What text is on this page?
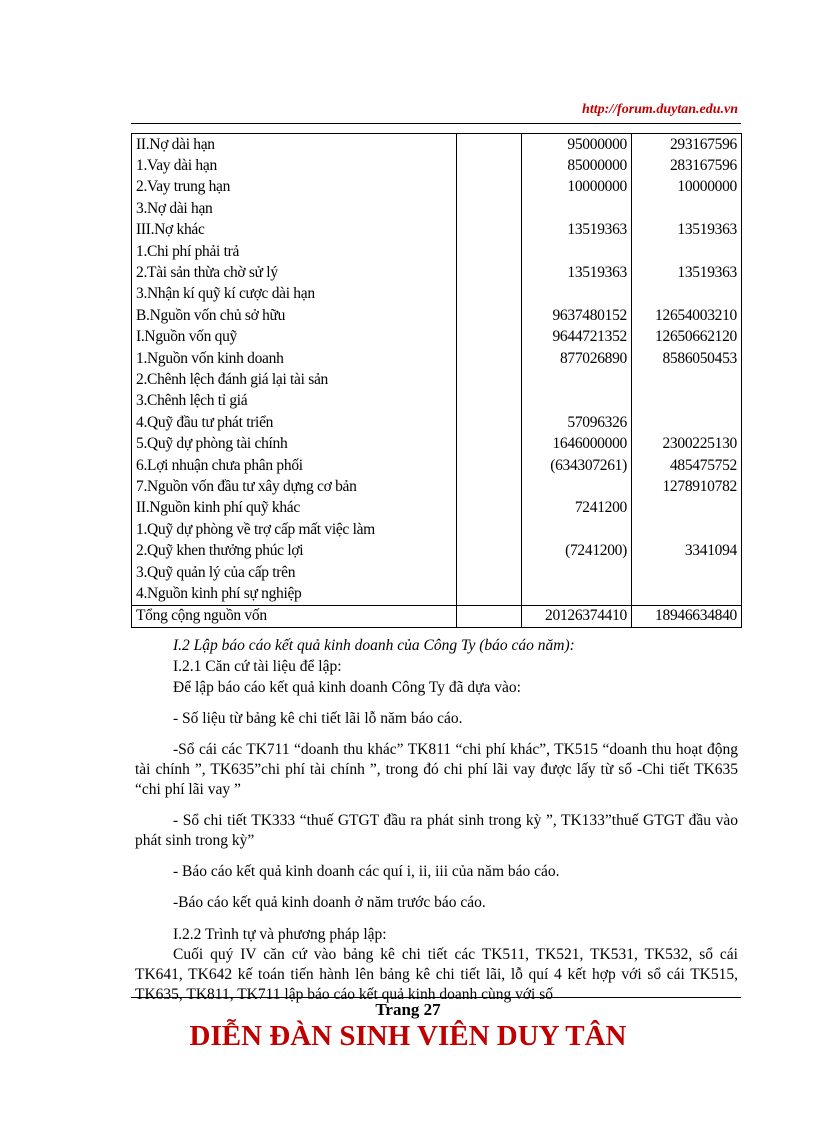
http://forum.duytan.edu.vn
II.Nợ dài hạn		95000000	293167596
1.Vay dài hạn		85000000	283167596
2.Vay trung hạn		10000000	10000000
3.Nợ dài hạn			
III.Nợ khác		13519363	13519363
1.Chi phí phải trả			
2.Tài sản thừa chờ sử lý		13519363	13519363
3.Nhận kí quỹ kí cược dài hạn			
B.Nguồn vốn chủ sở hữu		9637480152	12654003210
I.Nguồn vốn quỹ		9644721352	12650662120
1.Nguồn vốn kinh doanh		877026890	8586050453
2.Chênh lệch đánh giá lại tài sản			
3.Chênh lệch tỉ giá			
4.Quỹ đầu tư phát triển		57096326	
5.Quỹ dự phòng tài chính		1646000000	2300225130
6.Lợi nhuận chưa phân phối		(634307261)	485475752
7.Nguồn vốn đầu tư xây dựng cơ bản			1278910782
II.Nguồn kinh phí quỹ khác		7241200	
1.Quỹ dự phòng về trợ cấp mất việc làm			
2.Quỹ khen thưởng phúc lợi		(7241200)	3341094
3.Quỹ quản lý của cấp trên			
4.Nguồn kinh phí sự nghiệp			
Tổng cộng nguồn vốn		20126374410	18946634840

I.2 Lập báo cáo kết quả kinh doanh của Công Ty (báo cáo năm):

I.2.1 Căn cứ tài liệu để lập:

Để lập báo cáo kết quả kinh doanh Công Ty đã dựa vào:

- Số liệu từ bảng kê chi tiết lãi lỗ năm báo cáo.

-Sổ cái các TK711 “doanh thu khác” TK811 “chi phí khác”, TK515 “doanh thu hoạt động tài chính ”, TK635”chi phí tài chính ”, trong đó chi phí lãi vay được lấy từ sổ -Chi tiết TK635 “chi phí lãi vay ”

- Sổ chi tiết TK333 “thuế GTGT đầu ra phát sinh trong kỳ ”, TK133”thuế GTGT đầu vào phát sinh trong kỳ”

- Báo cáo kết quả kinh doanh các quí i, ii, iii của năm báo cáo.

-Báo cáo kết quả kinh doanh ở năm trước báo cáo.

I.2.2 Trình tự và phương pháp lập:

Cuối quý IV căn cứ vào bảng kê chi tiết các TK511, TK521, TK531, TK532, sổ cái TK641, TK642 kế toán tiến hành lên bảng kê chi tiết lãi, lỗ quí 4 kết hợp với sổ cái TK515, TK635, TK811, TK711 lập báo cáo kết quả kinh doanh cùng với số

Trang 27
DIỄN ĐÀN SINH VIÊN DUY TÂN
